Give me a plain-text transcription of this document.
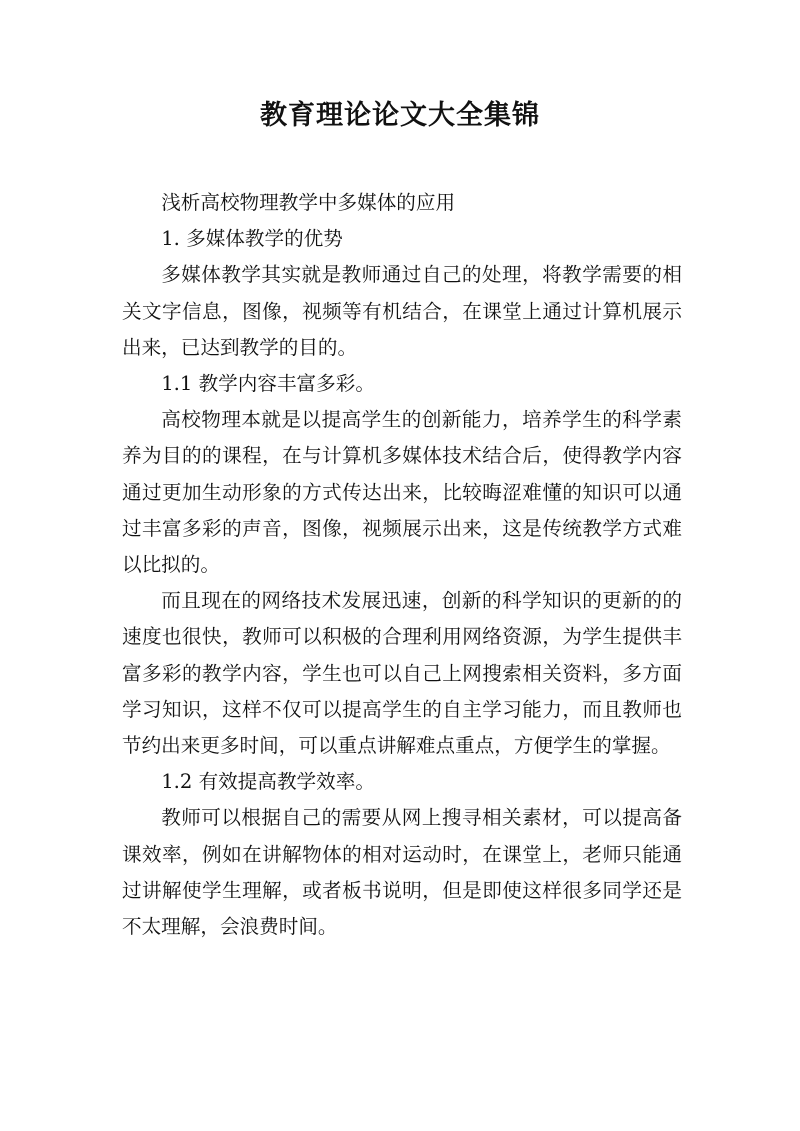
教育理论论文大全集锦

浅析高校物理教学中多媒体的应用

1. 多媒体教学的优势

多媒体教学其实就是教师通过自己的处理，将教学需要的相关文字信息，图像，视频等有机结合，在课堂上通过计算机展示出来，已达到教学的目的。

1.1 教学内容丰富多彩。

高校物理本就是以提高学生的创新能力，培养学生的科学素养为目的的课程，在与计算机多媒体技术结合后，使得教学内容通过更加生动形象的方式传达出来，比较晦涩难懂的知识可以通过丰富多彩的声音，图像，视频展示出来，这是传统教学方式难以比拟的。

而且现在的网络技术发展迅速，创新的科学知识的更新的的速度也很快，教师可以积极的合理利用网络资源，为学生提供丰富多彩的教学内容，学生也可以自己上网搜索相关资料，多方面学习知识，这样不仅可以提高学生的自主学习能力，而且教师也节约出来更多时间，可以重点讲解难点重点，方便学生的掌握。

1.2 有效提高教学效率。

教师可以根据自己的需要从网上搜寻相关素材，可以提高备课效率，例如在讲解物体的相对运动时，在课堂上，老师只能通过讲解使学生理解，或者板书说明，但是即使这样很多同学还是不太理解，会浪费时间。
